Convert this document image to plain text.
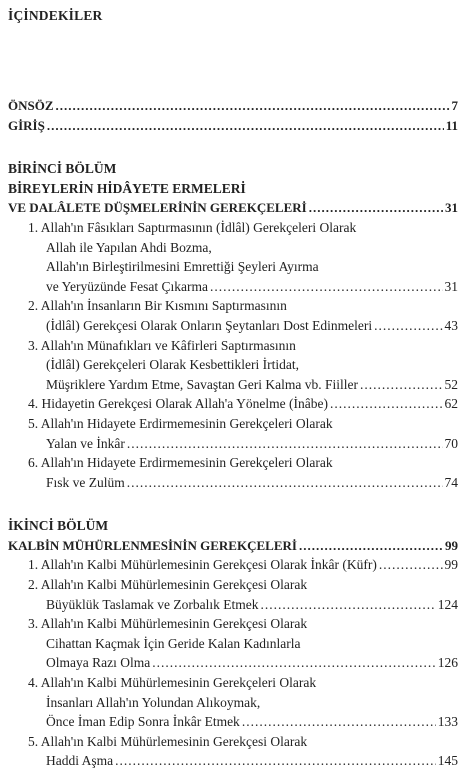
İÇİNDEKİLER
ÖNSÖZ .....	7
GİRİŞ .....	11
BİRİNCİ BÖLÜM
BİREYLERİN HİDÂYETE ERMELERİ
VE DALÂLETE DÜŞMELERİNİN GEREKÇELERİ .....	31
1. Allah'ın Fâsıkları Saptırmasının (İdlâl) Gerekçeleri Olarak
Allah ile Yapılan Ahdi Bozma,
Allah'ın Birleştirilmesini Emrettiği Şeyleri Ayırma
ve Yeryüzünde Fesat Çıkarma .....	31
2. Allah'ın İnsanların Bir Kısmını Saptırmasının
(İdlâl) Gerekçesi Olarak Onların Şeytanları Dost Edinmeleri .....	43
3. Allah'ın Münafıkları ve Kâfirleri Saptırmasının
(İdlâl) Gerekçeleri Olarak Kesbettikleri İrtidat,
Müşriklere Yardım Etme, Savaştan Geri Kalma vb. Fiiller .....	52
4. Hidayetin Gerekçesi Olarak Allah'a Yönelme (İnâbe) .....	62
5. Allah'ın Hidayete Erdirmemesinin Gerekçeleri Olarak
Yalan ve İnkâr .....	70
6. Allah'ın Hidayete Erdirmemesinin Gerekçeleri Olarak
Fısk ve Zulüm .....	74
İKİNCİ BÖLÜM
KALBİN MÜHÜRLENMESİNİN GEREKÇELERİ .....	99
1. Allah'ın Kalbi Mühürlemesinin Gerekçesi Olarak İnkâr (Küfr) .....	99
2. Allah'ın Kalbi Mühürlemesinin Gerekçesi Olarak
Büyüklük Taslamak ve Zorbalık Etmek .....	124
3. Allah'ın Kalbi Mühürlemesinin Gerekçesi Olarak
Cihattan Kaçmak İçin Geride Kalan Kadınlarla
Olmaya Razı Olma .....	126
4. Allah'ın Kalbi Mühürlemesinin Gerekçeleri Olarak
İnsanları Allah'ın Yolundan Alıkoymak,
Önce İman Edip Sonra İnkâr Etmek .....	133
5. Allah'ın Kalbi Mühürlemesinin Gerekçesi Olarak
Haddi Aşma .....	145
